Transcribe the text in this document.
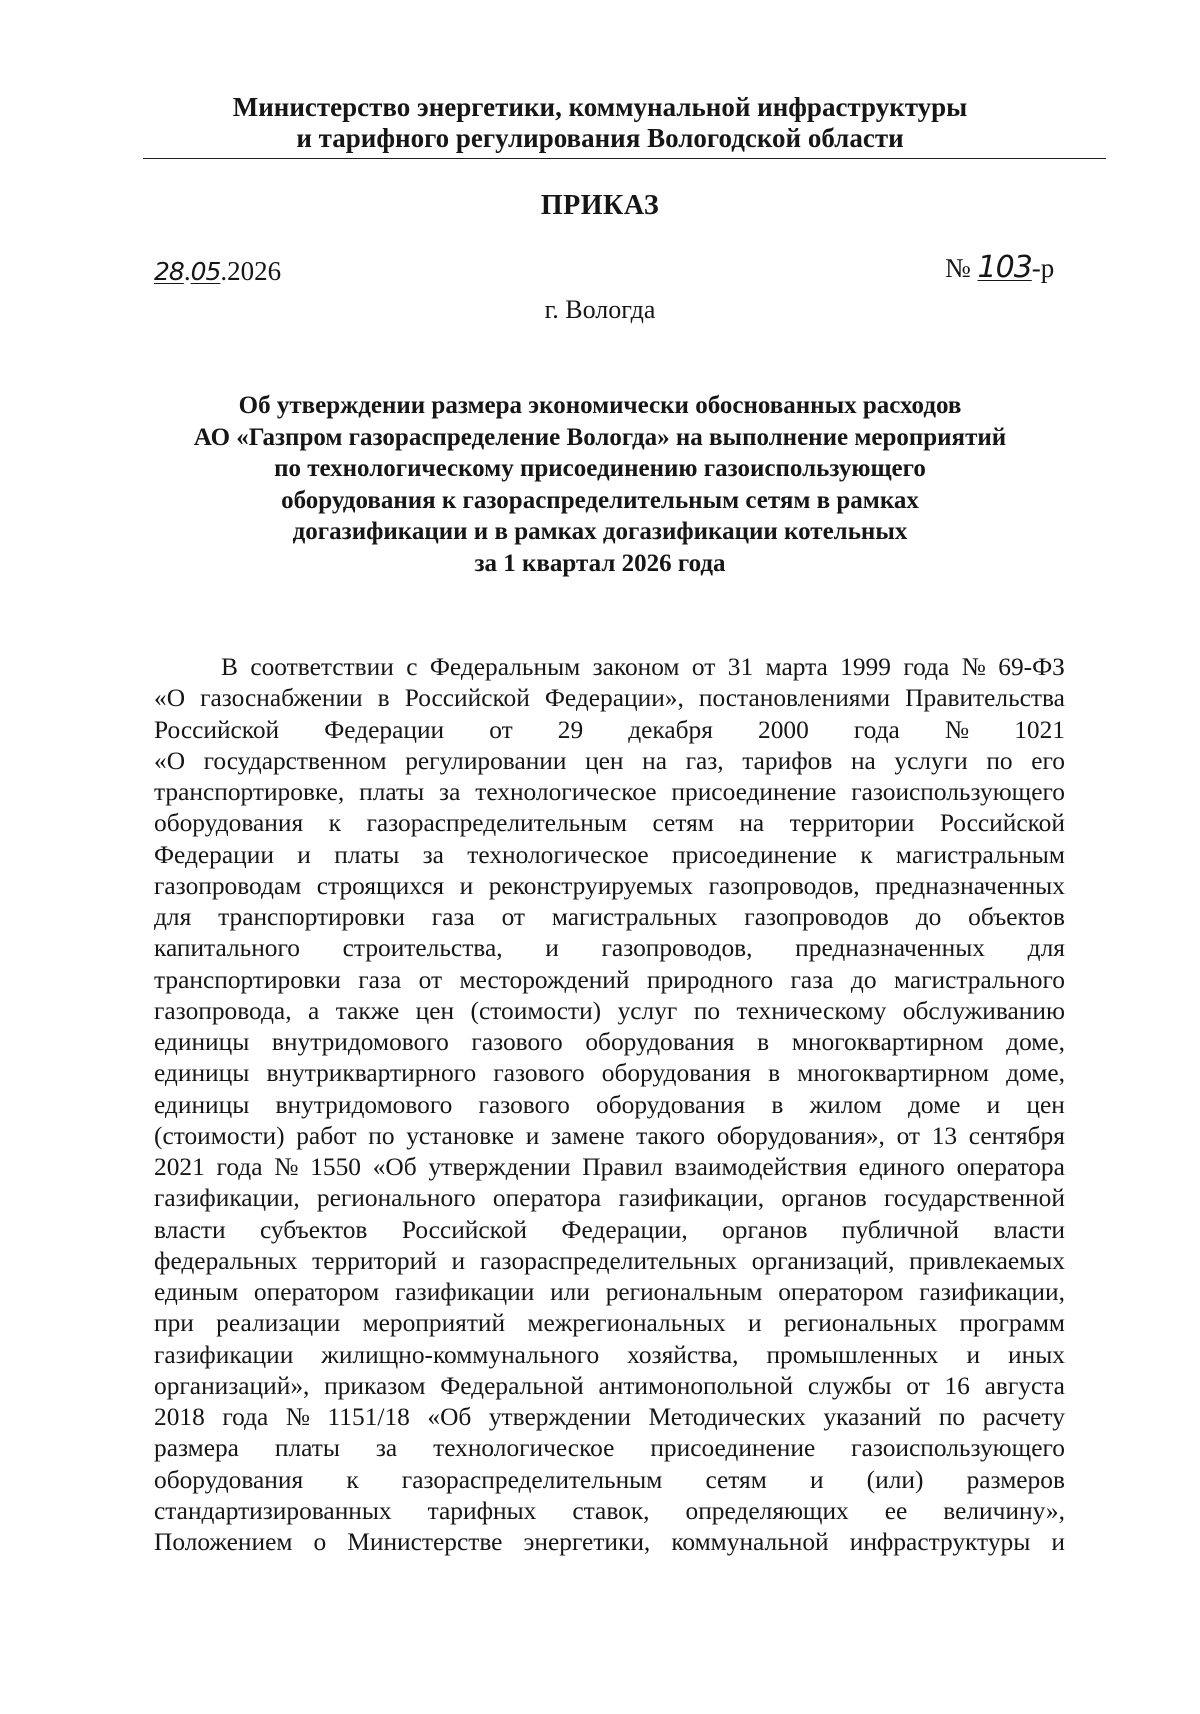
Министерство энергетики, коммунальной инфраструктуры
и тарифного регулирования Вологодской области
ПРИКАЗ
28.05.2026	№ 103-р
г. Вологда
Об утверждении размера экономически обоснованных расходов
АО «Газпром газораспределение Вологда» на выполнение мероприятий
по технологическому присоединению газоиспользующего
оборудования к газораспределительным сетям в рамках
догазификации и в рамках догазификации котельных
за 1 квартал 2026 года
В соответствии с Федеральным законом от 31 марта 1999 года № 69-ФЗ
«О газоснабжении в Российской Федерации», постановлениями Правительства
Российской Федерации от 29 декабря 2000 года № 1021
«О государственном регулировании цен на газ, тарифов на услуги по его
транспортировке, платы за технологическое присоединение газоиспользующего
оборудования к газораспределительным сетям на территории Российской
Федерации и платы за технологическое присоединение к магистральным
газопроводам строящихся и реконструируемых газопроводов, предназначенных
для транспортировки газа от магистральных газопроводов до объектов
капитального строительства, и газопроводов, предназначенных для
транспортировки газа от месторождений природного газа до магистрального
газопровода, а также цен (стоимости) услуг по техническому обслуживанию
единицы внутридомового газового оборудования в многоквартирном доме,
единицы внутриквартирного газового оборудования в многоквартирном доме,
единицы внутридомового газового оборудования в жилом доме и цен
(стоимости) работ по установке и замене такого оборудования», от 13 сентября
2021 года № 1550 «Об утверждении Правил взаимодействия единого оператора
газификации, регионального оператора газификации, органов государственной
власти субъектов Российской Федерации, органов публичной власти
федеральных территорий и газораспределительных организаций, привлекаемых
единым оператором газификации или региональным оператором газификации,
при реализации мероприятий межрегиональных и региональных программ
газификации жилищно-коммунального хозяйства, промышленных и иных
организаций», приказом Федеральной антимонопольной службы от 16 августа
2018 года № 1151/18 «Об утверждении Методических указаний по расчету
размера платы за технологическое присоединение газоиспользующего
оборудования к газораспределительным сетям и (или) размеров
стандартизированных тарифных ставок, определяющих ее величину»,
Положением о Министерстве энергетики, коммунальной инфраструктуры и
